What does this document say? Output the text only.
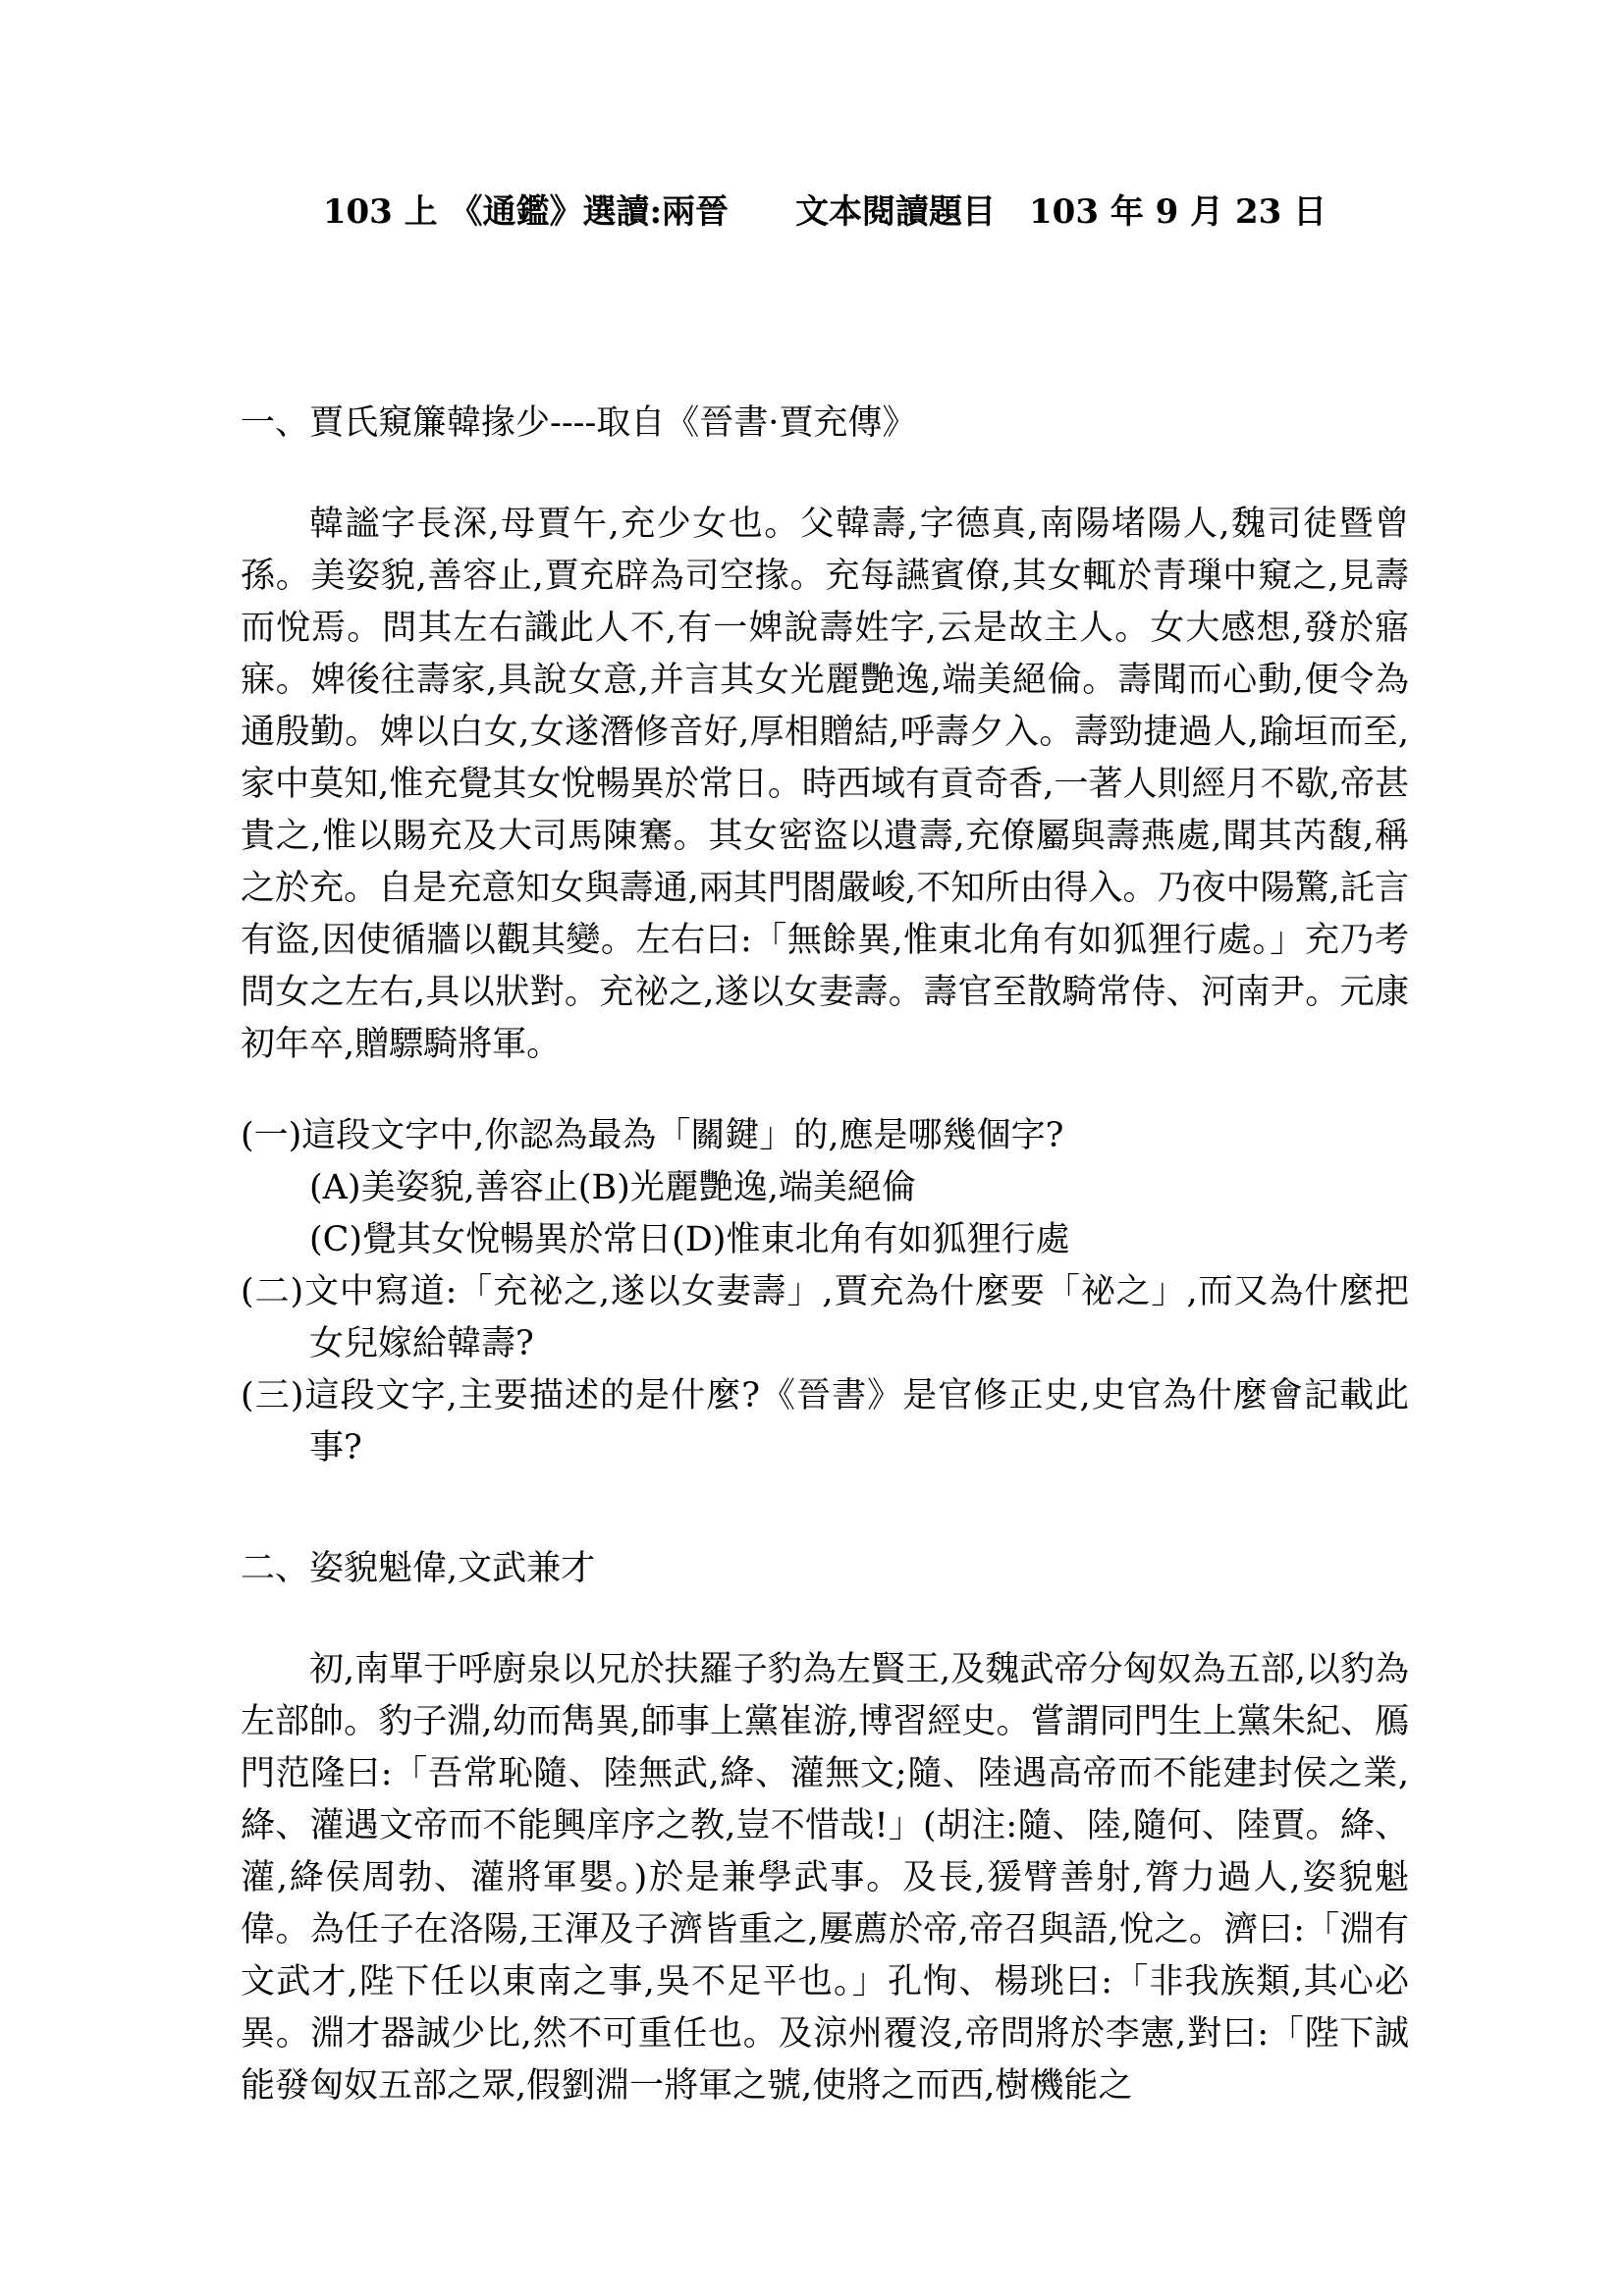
103 上 《通鑑》選讀:兩晉　　文本閱讀題目　103 年 9 月 23 日
一、賈氏窺簾韓掾少----取自《晉書·賈充傳》

韓謐字長深,母賈午,充少女也。父韓壽,字德真,南陽堵陽人,魏司徒暨曾孫。美姿貌,善容止,賈充辟為司空掾。充每讌賓僚,其女輒於青璅中窺之,見壽而悅焉。問其左右識此人不,有一婢說壽姓字,云是故主人。女大感想,發於寤寐。婢後往壽家,具說女意,并言其女光麗艷逸,端美絕倫。壽聞而心動,便令為通殷勤。婢以白女,女遂潛修音好,厚相贈結,呼壽夕入。壽勁捷過人,踰垣而至,家中莫知,惟充覺其女悅暢異於常日。時西域有貢奇香,一著人則經月不歇,帝甚貴之,惟以賜充及大司馬陳騫。其女密盜以遺壽,充僚屬與壽燕處,聞其芮馥,稱之於充。自是充意知女與壽通,兩其門閤嚴峻,不知所由得入。乃夜中陽驚,託言有盜,因使循牆以觀其變。左右曰:「無餘異,惟東北角有如狐狸行處。」充乃考問女之左右,具以狀對。充祕之,遂以女妻壽。壽官至散騎常侍、河南尹。元康初年卒,贈驃騎將軍。

(一)這段文字中,你認為最為「關鍵」的,應是哪幾個字?
(A)美姿貌,善容止(B)光麗艷逸,端美絕倫
(C)覺其女悅暢異於常日(D)惟東北角有如狐狸行處
(二)文中寫道:「充祕之,遂以女妻壽」,賈充為什麼要「祕之」,而又為什麼把女兒嫁給韓壽?
(三)這段文字,主要描述的是什麼?《晉書》是官修正史,史官為什麼會記載此事?
二、姿貌魁偉,文武兼才

初,南單于呼廚泉以兄於扶羅子豹為左賢王,及魏武帝分匈奴為五部,以豹為左部帥。豹子淵,幼而雋異,師事上黨崔游,博習經史。嘗謂同門生上黨朱紀、鴈門范隆曰:「吾常恥隨、陸無武,絳、灌無文;隨、陸遇高帝而不能建封侯之業,絳、灌遇文帝而不能興庠序之教,豈不惜哉!」(胡注:隨、陸,隨何、陸賈。絳、灌,絳侯周勃、灌將軍嬰。)於是兼學武事。及長,猨臂善射,膂力過人,姿貌魁偉。為任子在洛陽,王渾及子濟皆重之,屢薦於帝,帝召與語,悅之。濟曰:「淵有文武才,陛下任以東南之事,吳不足平也。」孔恂、楊珧曰:「非我族類,其心必異。淵才器誠少比,然不可重任也。及涼州覆沒,帝問將於李憲,對曰:「陛下誠能發匈奴五部之眾,假劉淵一將軍之號,使將之而西,樹機能之
